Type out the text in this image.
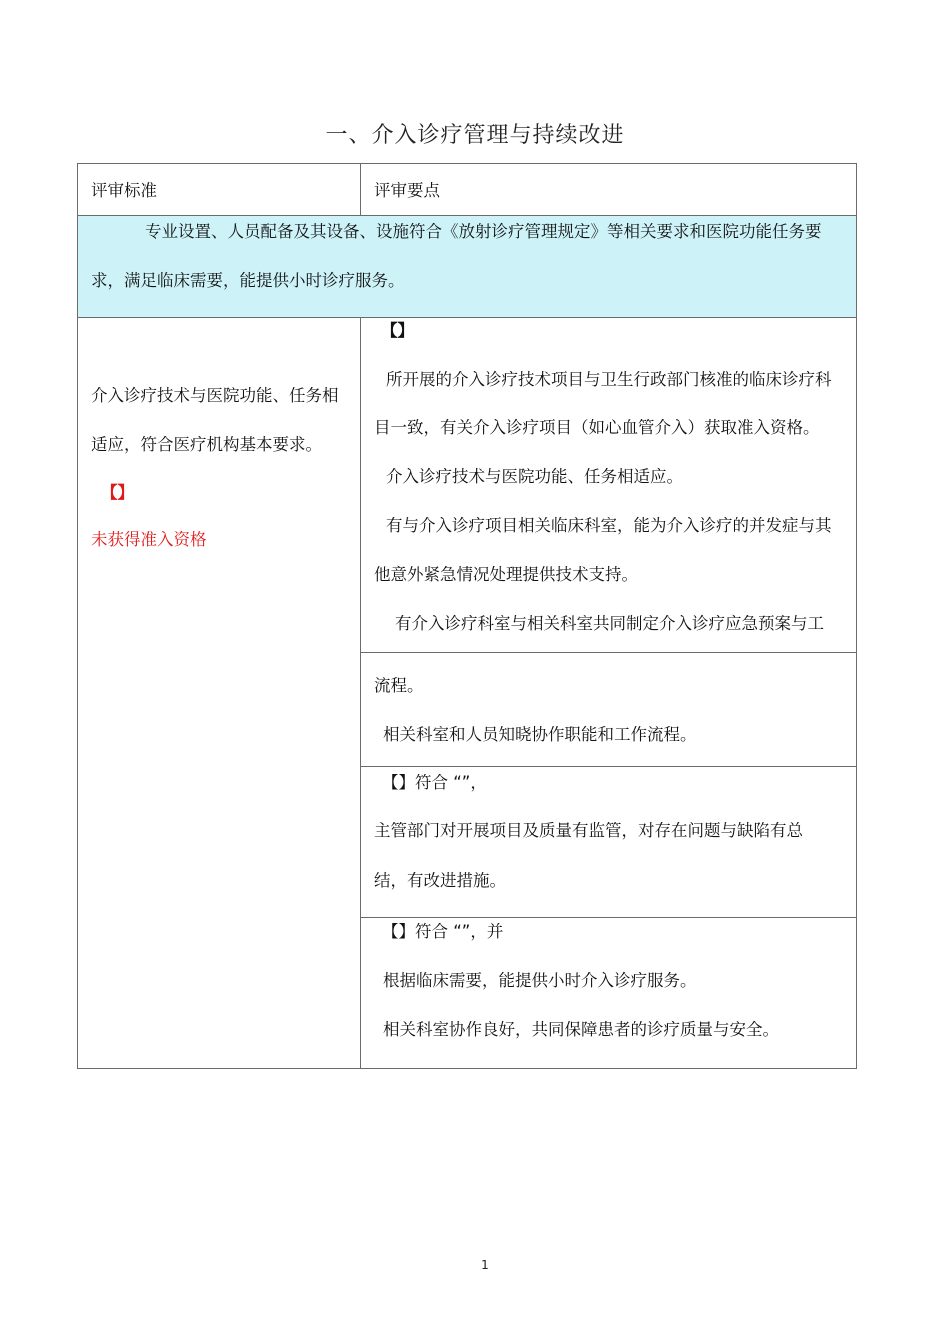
一、介入诊疗管理与持续改进
评审标准	评审要点
专业设置、人员配备及其设备、设施符合《放射诊疗管理规定》等相关要求和医院功能任务要
求，满足临床需要，能提供小时诊疗服务。
介入诊疗技术与医院功能、任务相
适应，符合医疗机构基本要求。
【】
未获得准入资格
【】
所开展的介入诊疗技术项目与卫生行政部门核准的临床诊疗科
目一致，有关介入诊疗项目（如心血管介入）获取准入资格。
介入诊疗技术与医院功能、任务相适应。
有与介入诊疗项目相关临床科室，能为介入诊疗的并发症与其
他意外紧急情况处理提供技术支持。
有介入诊疗科室与相关科室共同制定介入诊疗应急预案与工
流程。
相关科室和人员知晓协作职能和工作流程。
【】符合 “”，
主管部门对开展项目及质量有监管，对存在问题与缺陷有总
结，有改进措施。
【】符合 “”，并
根据临床需要，能提供小时介入诊疗服务。
相关科室协作良好，共同保障患者的诊疗质量与安全。
1
